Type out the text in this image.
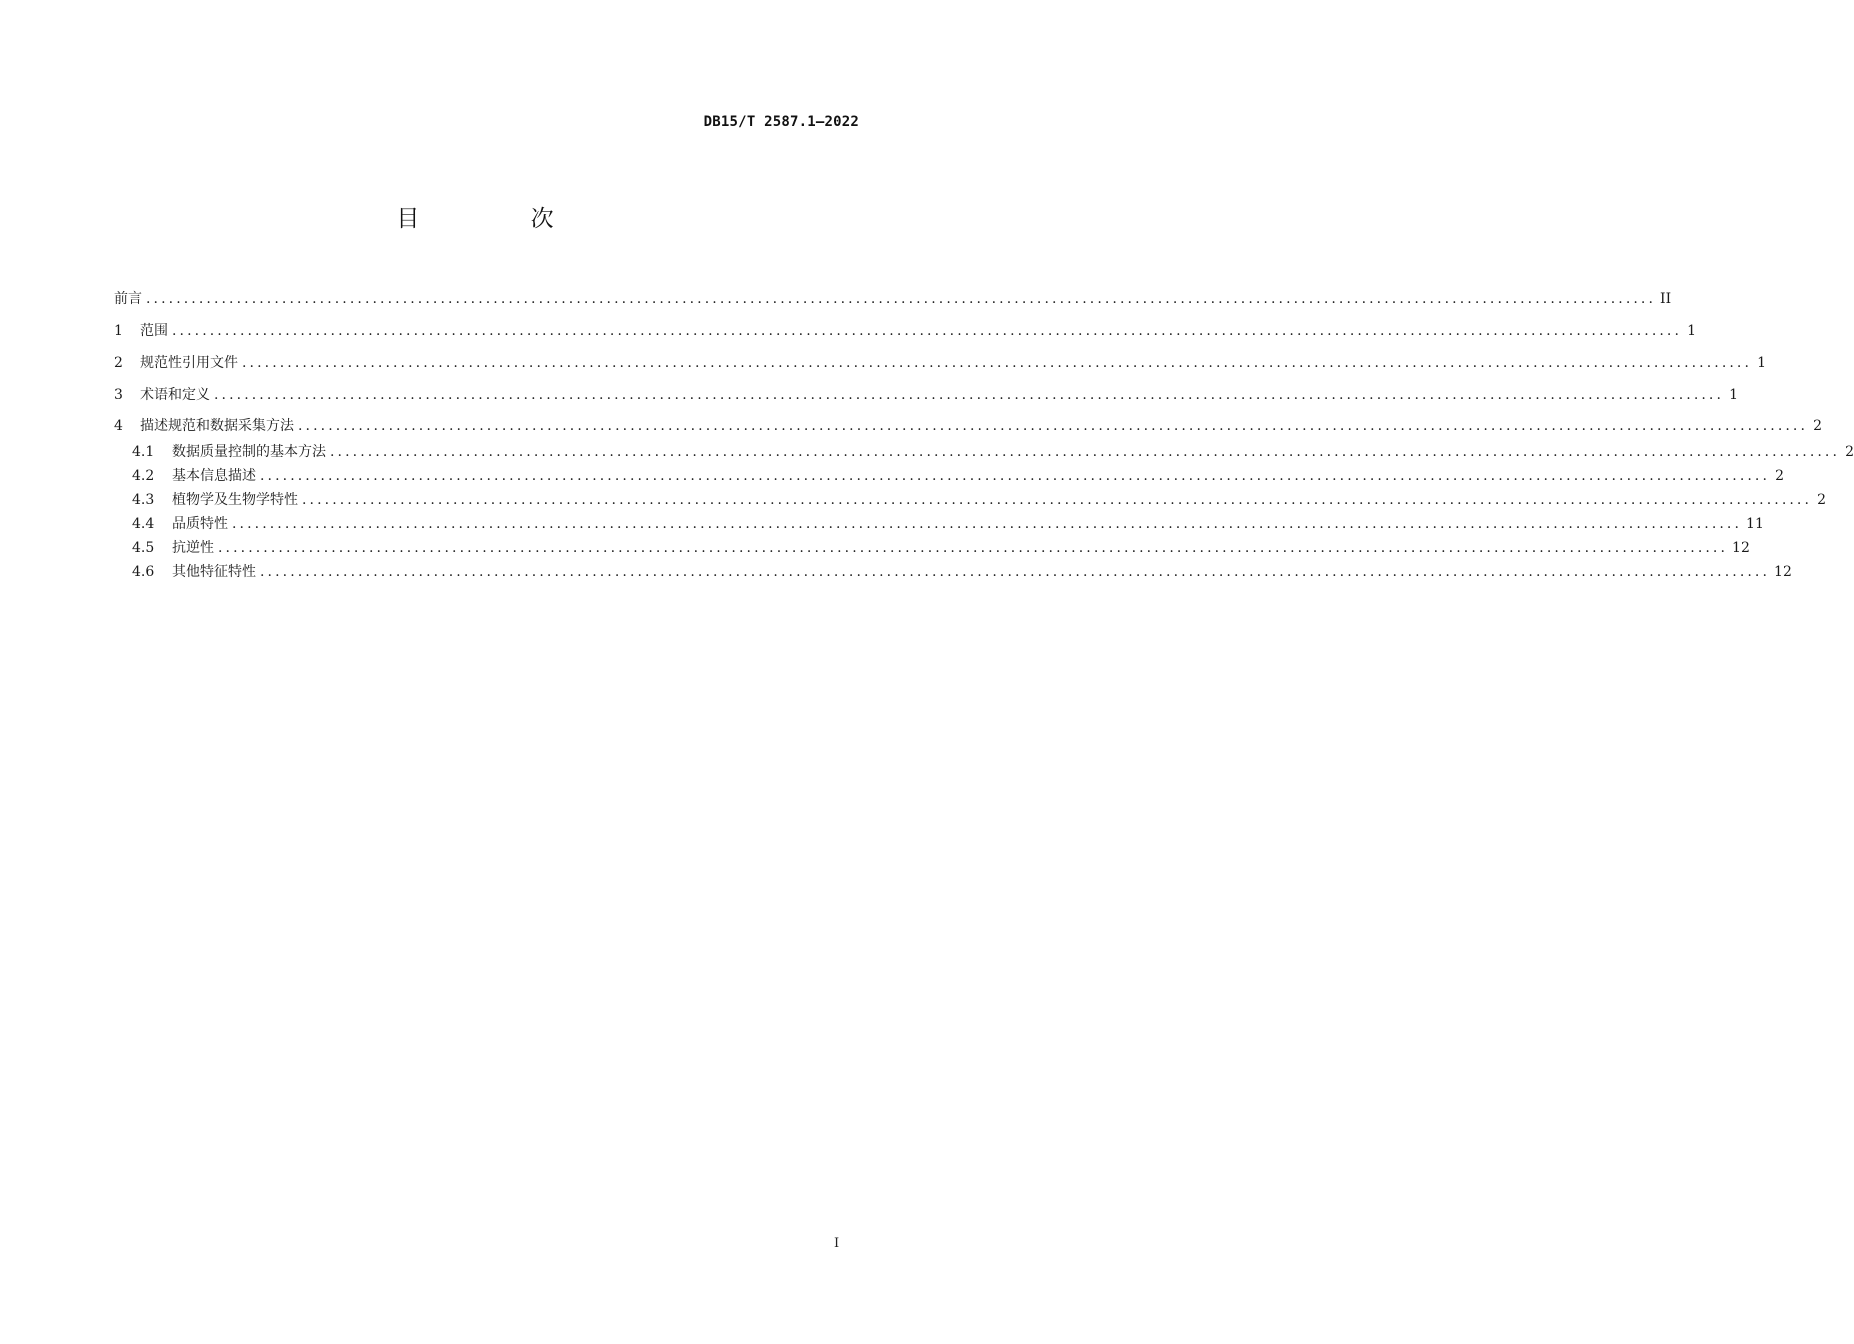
DB15/T 2587.1—2022
目 次
前言 ........................................................................................................................................................................................................ II
1	范围 ........................................................................................................................................................................................................ 1
2	规范性引用文件 ........................................................................................................................................................................................................ 1
3	术语和定义 ........................................................................................................................................................................................................ 1
4	描述规范和数据采集方法 ........................................................................................................................................................................................................ 2
4.1	数据质量控制的基本方法 ........................................................................................................................................................................................................ 2
4.2	基本信息描述 ........................................................................................................................................................................................................ 2
4.3	植物学及生物学特性 ........................................................................................................................................................................................................ 2
4.4	品质特性 ........................................................................................................................................................................................................ 11
4.5	抗逆性 ........................................................................................................................................................................................................ 12
4.6	其他特征特性 ........................................................................................................................................................................................................ 12
I
